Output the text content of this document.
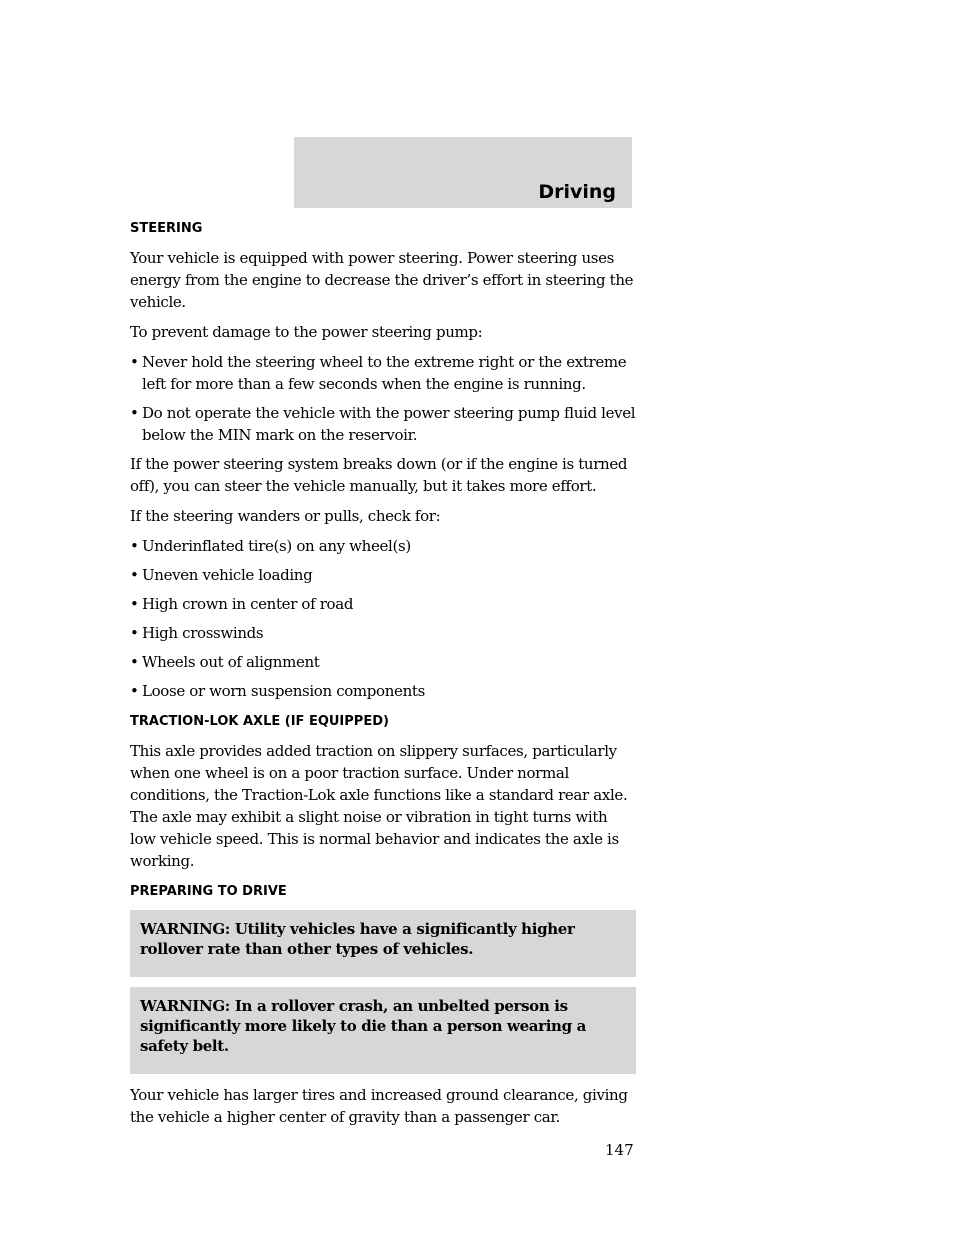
Driving
STEERING
Your vehicle is equipped with power steering. Power steering uses energy from the engine to decrease the driver’s effort in steering the vehicle.
To prevent damage to the power steering pump:
• Never hold the steering wheel to the extreme right or the extreme left for more than a few seconds when the engine is running.
• Do not operate the vehicle with the power steering pump fluid level below the MIN mark on the reservoir.
If the power steering system breaks down (or if the engine is turned off), you can steer the vehicle manually, but it takes more effort.
If the steering wanders or pulls, check for:
• Underinflated tire(s) on any wheel(s)
• Uneven vehicle loading
• High crown in center of road
• High crosswinds
• Wheels out of alignment
• Loose or worn suspension components
TRACTION-LOK AXLE (IF EQUIPPED)
This axle provides added traction on slippery surfaces, particularly when one wheel is on a poor traction surface. Under normal conditions, the Traction-Lok axle functions like a standard rear axle. The axle may exhibit a slight noise or vibration in tight turns with low vehicle speed. This is normal behavior and indicates the axle is working.
PREPARING TO DRIVE
WARNING: Utility vehicles have a significantly higher rollover rate than other types of vehicles.
WARNING: In a rollover crash, an unbelted person is significantly more likely to die than a person wearing a safety belt.
Your vehicle has larger tires and increased ground clearance, giving the vehicle a higher center of gravity than a passenger car.
147
